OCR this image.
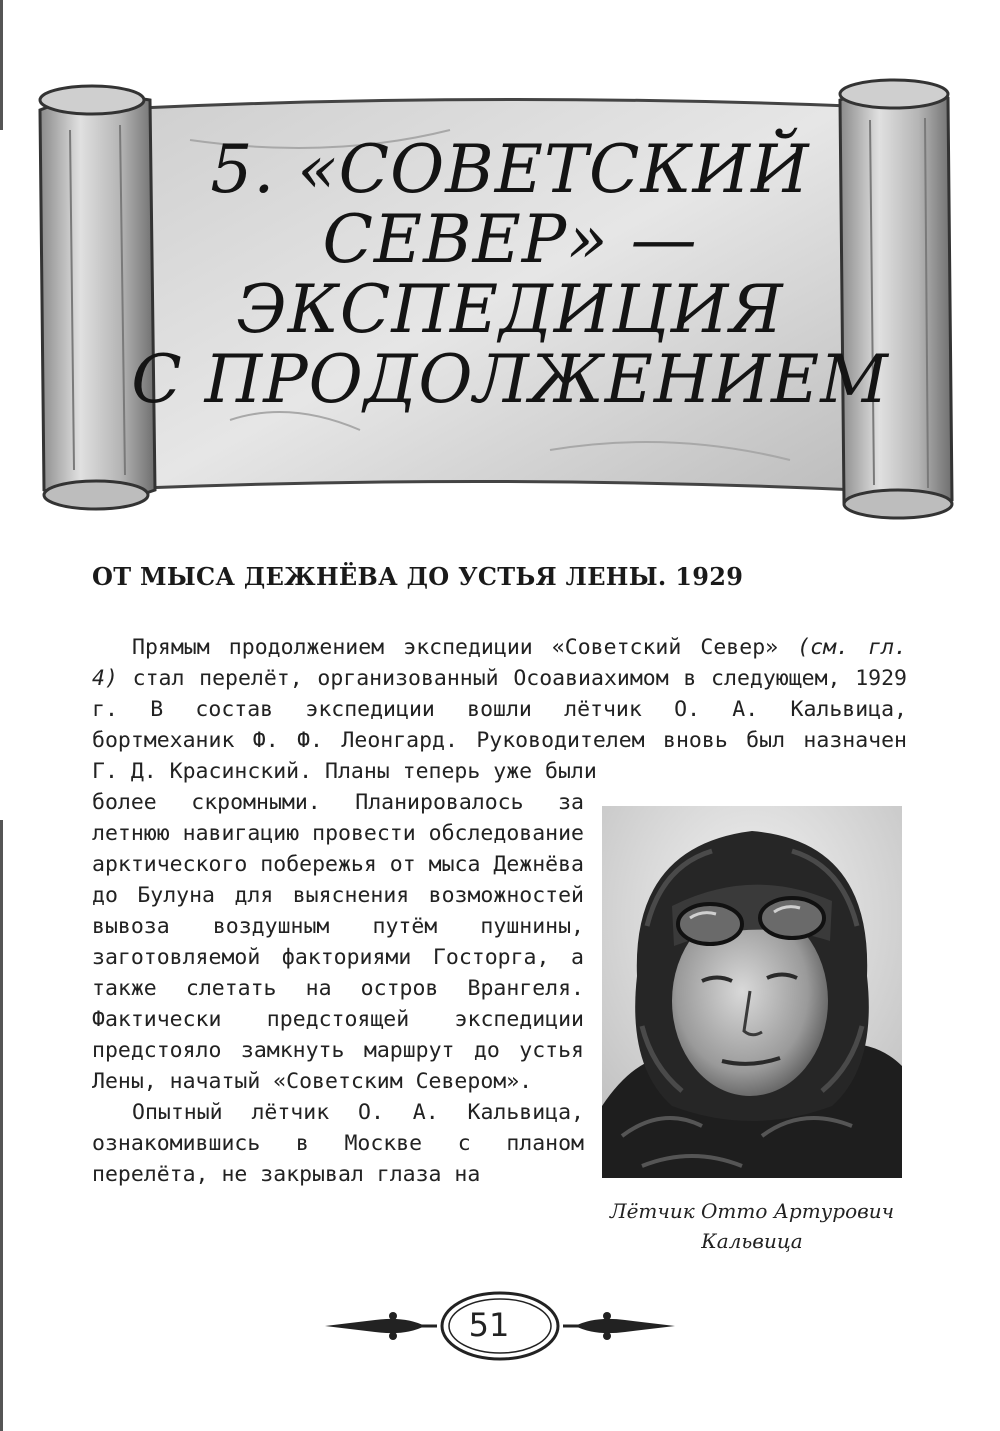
5. «СОВЕТСКИЙ
СЕВЕР» —
ЭКСПЕДИЦИЯ
С ПРОДОЛЖЕНИЕМ
ОТ МЫСА ДЕЖНЁВА ДО УСТЬЯ ЛЕНЫ. 1929

Прямым продолжением экспедиции «Советский Север» (см. гл. 4) стал перелёт, организованный Осоавиахимом в следующем, 1929 г. В состав экспедиции вошли лётчик О. А. Кальвица, бортмеханик Ф. Ф. Леонгард. Руководителем вновь был назначен Г. Д. Красинский. Планы теперь уже были

более скромными. Планировалось за летнюю навигацию провести обследование арктического побережья от мыса Дежнёва до Булуна для выяснения возможностей вывоза воздушным путём пушнины, заготовляемой факториями Госторга, а также слетать на остров Врангеля. Фактически предстоящей экспедиции предстояло замкнуть маршрут до устья Лены, начатый «Советским Севером».

Опытный лётчик О. А. Кальвица, ознакомившись в Москве с планом перелёта, не закрывал глаза на

Лётчик Отто Артурович
Кальвица

51
